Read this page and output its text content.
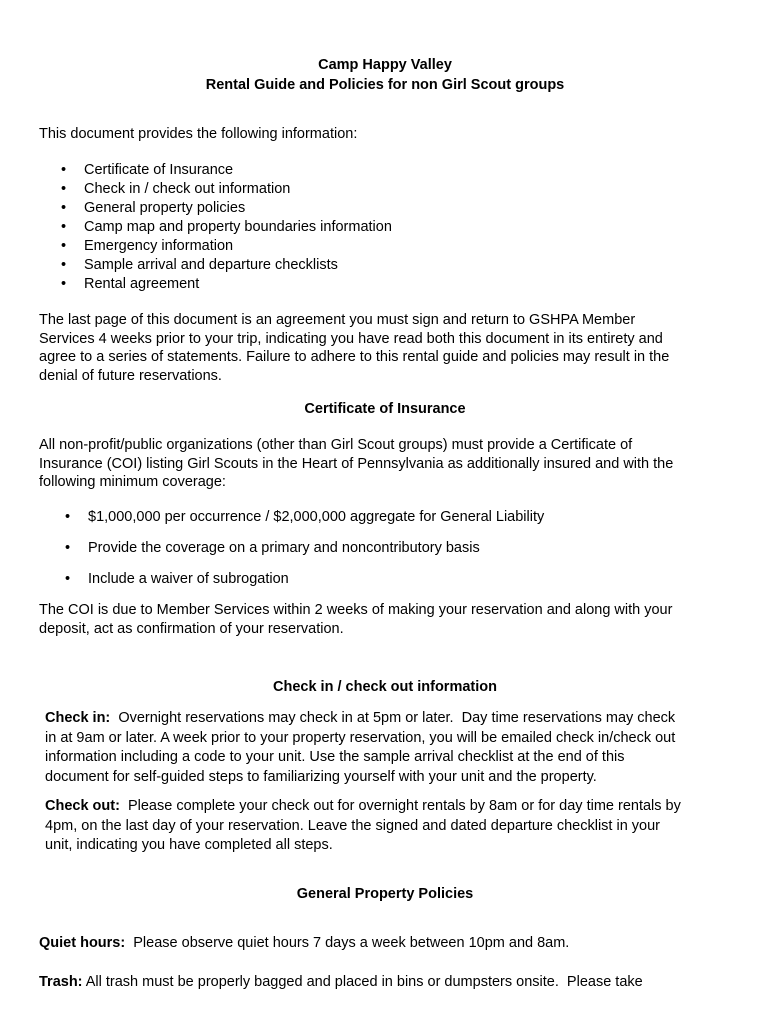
Camp Happy Valley
Rental Guide and Policies for non Girl Scout groups

This document provides the following information:

• Certificate of Insurance
• Check in / check out information
• General property policies
• Camp map and property boundaries information
• Emergency information
• Sample arrival and departure checklists
• Rental agreement
The last page of this document is an agreement you must sign and return to GSHPA Member
Services 4 weeks prior to your trip, indicating you have read both this document in its entirety and
agree to a series of statements. Failure to adhere to this rental guide and policies may result in the
denial of future reservations.
Certificate of Insurance
All non-profit/public organizations (other than Girl Scout groups) must provide a Certificate of
Insurance (COI) listing Girl Scouts in the Heart of Pennsylvania as additionally insured and with the
following minimum coverage:
• $1,000,000 per occurrence / $2,000,000 aggregate for General Liability
• Provide the coverage on a primary and noncontributory basis
• Include a waiver of subrogation
The COI is due to Member Services within 2 weeks of making your reservation and along with your
deposit, act as confirmation of your reservation.
Check in / check out information
Check in:  Overnight reservations may check in at 5pm or later.  Day time reservations may check
in at 9am or later. A week prior to your property reservation, you will be emailed check in/check out
information including a code to your unit. Use the sample arrival checklist at the end of this
document for self-guided steps to familiarizing yourself with your unit and the property.
Check out:  Please complete your check out for overnight rentals by 8am or for day time rentals by
4pm, on the last day of your reservation. Leave the signed and dated departure checklist in your
unit, indicating you have completed all steps.
General Property Policies
Quiet hours:  Please observe quiet hours 7 days a week between 10pm and 8am.
Trash: All trash must be properly bagged and placed in bins or dumpsters onsite.  Please take
